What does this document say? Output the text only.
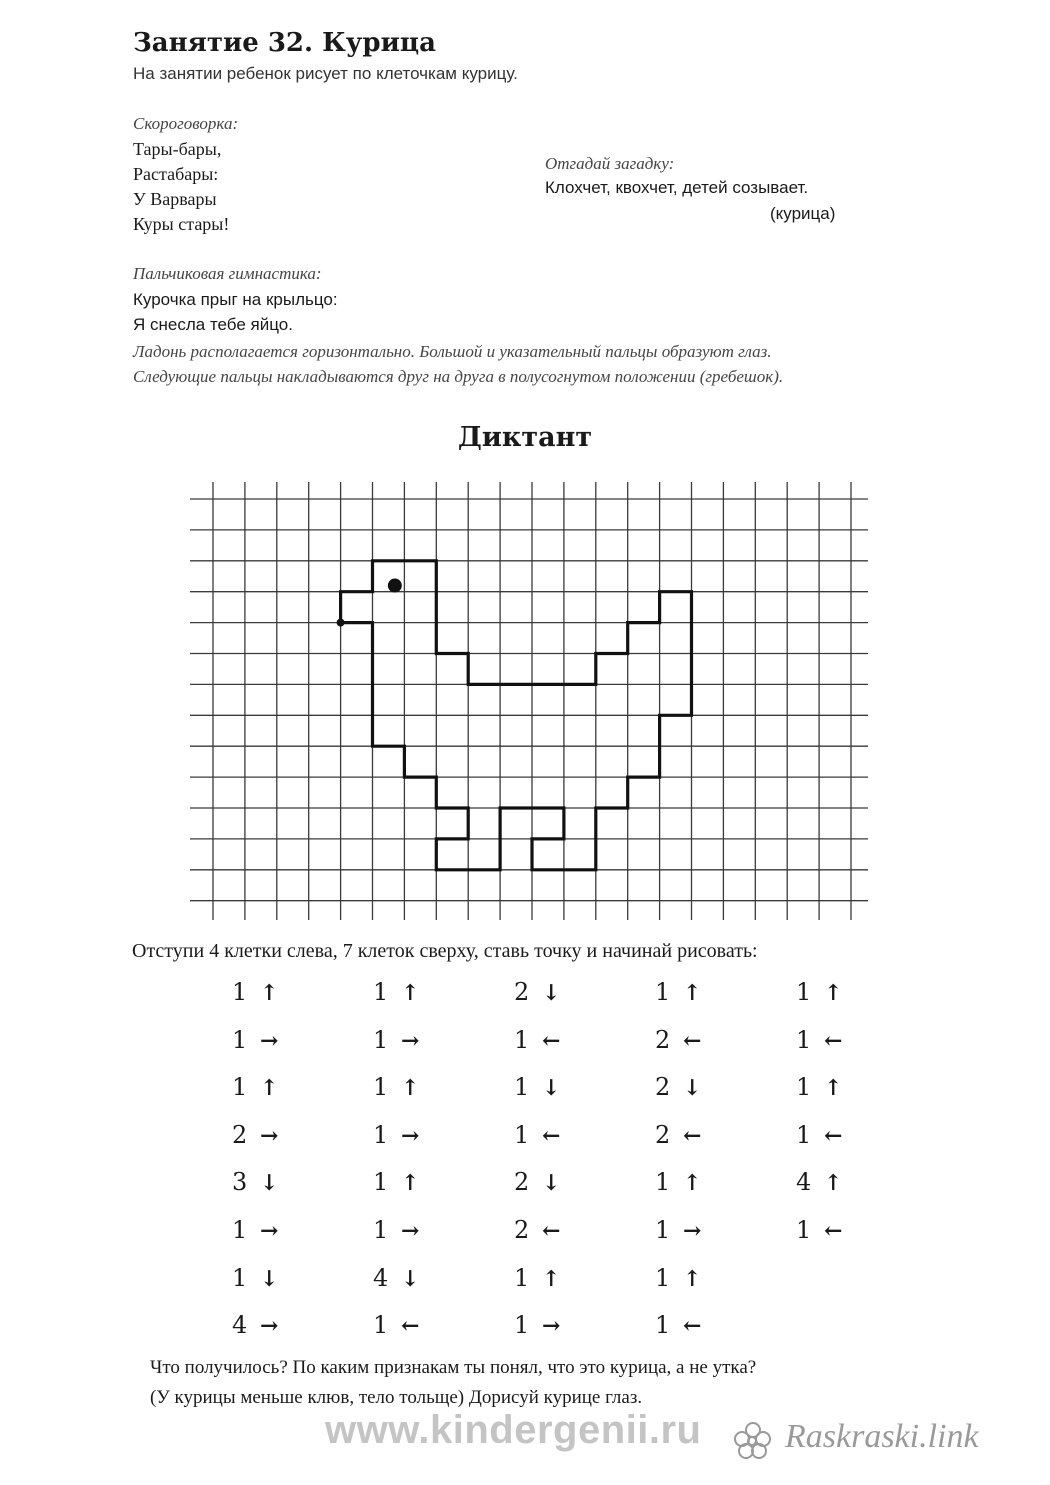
Занятие 32. Курица
На занятии ребенок рисует по клеточкам курицу.
Скороговорка:
Тары-бары,
Растабары:
У Варвары
Куры стары!
Отгадай загадку:
Клохчет, квохчет, детей созывает.
(курица)
Пальчиковая гимнастика:
Курочка прыг на крыльцо:
Я снесла тебе яйцо.
Ладонь располагается горизонтально. Большой и указательный пальцы образуют глаз.
Следующие пальцы накладываются друг на друга в полусогнутом положении (гребешок).
Диктант
Отступи 4 клетки слева, 7 клеток сверху, ставь точку и начинай рисовать:
1 ↑
1 →
1 ↑
2 →
3 ↓
1 →
1 ↓
4 →
1 ↑
1 →
1 ↑
1 →
1 ↑
1 →
4 ↓
1 ←
2 ↓
1 ←
1 ↓
1 ←
2 ↓
2 ←
1 ↑
1 →
1 ↑
2 ←
2 ↓
2 ←
1 ↑
1 →
1 ↑
1 ←
1 ↑
1 ←
1 ↑
1 ←
4 ↑
1 ←
Что получилось? По каким признакам ты понял, что это курица, а не утка?
(У курицы меньше клюв, тело тольще) Дорисуй курице глаз.
www.kindergenii.ru Raskraski.link
